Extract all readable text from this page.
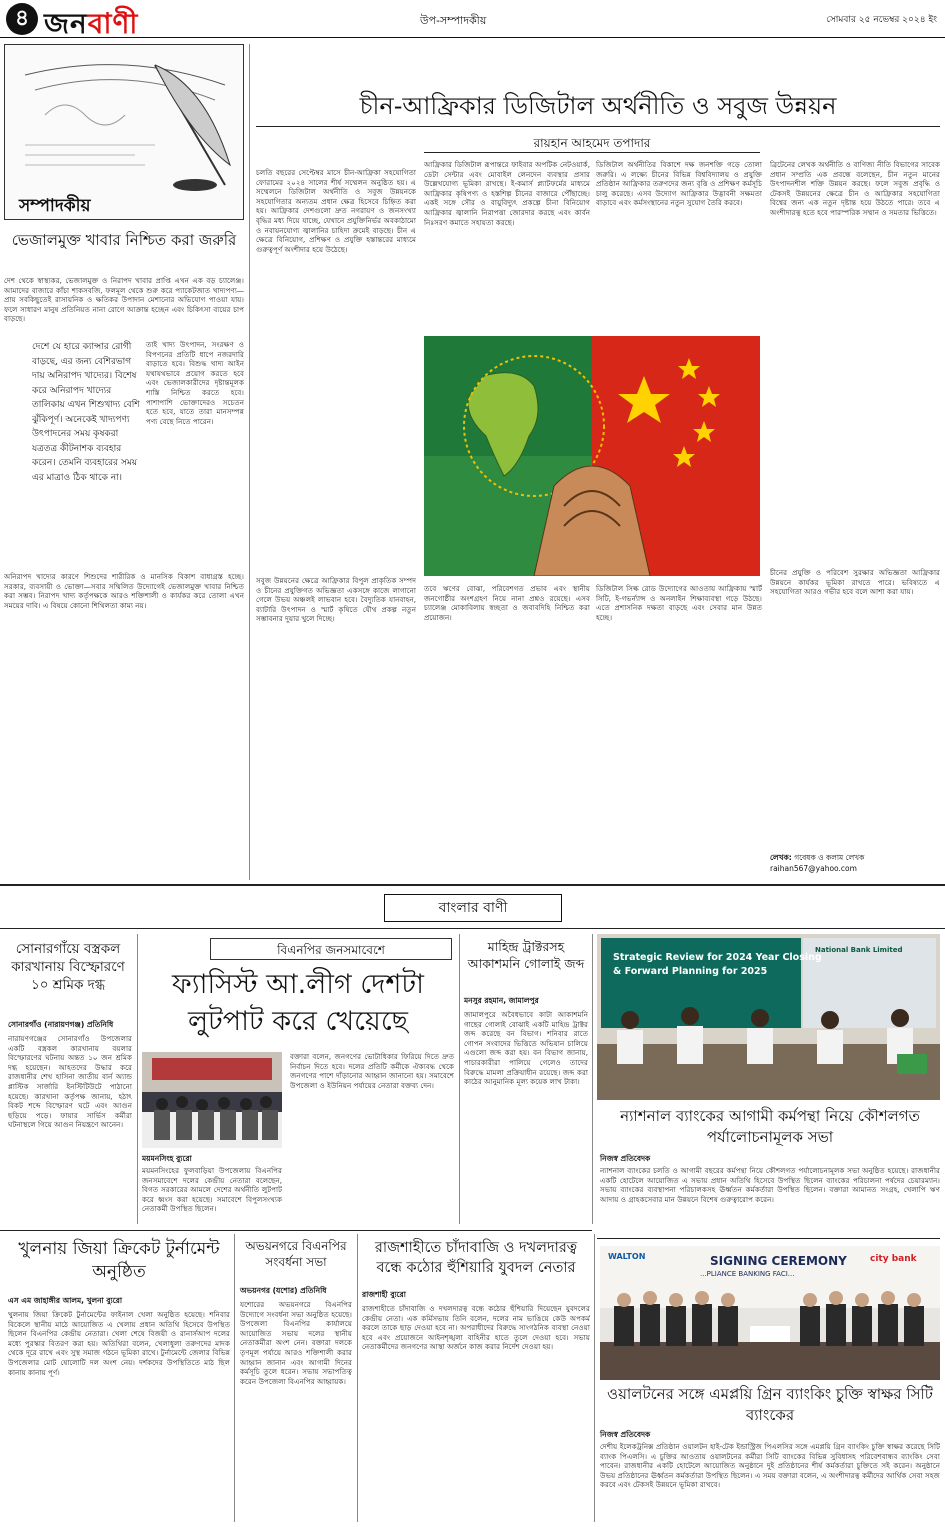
৪ জনবাণী	উপ-সম্পাদকীয়	সোমবার ২৫ নভেম্বর ২০২৪ ইং
সম্পাদকীয়
ভেজালমুক্ত খাবার নিশ্চিত করা জরুরি
দেশ থেকে স্বাস্থ্যকর, ভেজালমুক্ত ও নিরাপদ খাবার প্রাপ্তি এখন এক বড় চ্যালেঞ্জ। আমাদের বাজারে কাঁচা শাকসবজি, ফলমূল থেকে শুরু করে প্যাকেটজাত খাদ্যপণ্য—প্রায় সবকিছুতেই রাসায়নিক ও ক্ষতিকর উপাদান মেশানোর অভিযোগ পাওয়া যায়। ফলে সাধারণ মানুষ প্রতিনিয়ত নানা রোগে আক্রান্ত হচ্ছেন এবং চিকিৎসা ব্যয়ের চাপ বাড়ছে।
দেশে যে হারে ক্যান্সার রোগী বাড়ছে, এর জন্য বেশিরভাগ দায় অনিরাপদ খাদ্যের। বিশেষ করে অনিরাপদ খাদ্যের তালিকায় এখন শিশুখাদ্য বেশি ঝুঁকিপূর্ণ। অনেকেই খাদ্যপণ্য উৎপাদনের সময় কৃষকরা যত্রতত্র কীটনাশক ব্যবহার করেন। তেমনি ব্যবহারের সময় এর মাত্রাও ঠিক থাকে না।
তাই খাদ্য উৎপাদন, সংরক্ষণ ও বিপণনের প্রতিটি ধাপে নজরদারি বাড়াতে হবে। বিশুদ্ধ খাদ্য আইন যথাযথভাবে প্রয়োগ করতে হবে এবং ভেজালকারীদের দৃষ্টান্তমূলক শাস্তি নিশ্চিত করতে হবে। পাশাপাশি ভোক্তাদেরও সচেতন হতে হবে, যাতে তারা মানসম্পন্ন পণ্য বেছে নিতে পারেন।
অনিরাপদ খাদ্যের কারণে শিশুদের শারীরিক ও মানসিক বিকাশ বাধাগ্রস্ত হচ্ছে। সরকার, ব্যবসায়ী ও ভোক্তা—সবার সম্মিলিত উদ্যোগেই ভেজালমুক্ত খাবার নিশ্চিত করা সম্ভব। নিরাপদ খাদ্য কর্তৃপক্ষকে আরও শক্তিশালী ও কার্যকর করে তোলা এখন সময়ের দাবি। এ বিষয়ে কোনো শিথিলতা কাম্য নয়।
চীন-আফ্রিকার ডিজিটাল অর্থনীতি ও সবুজ উন্নয়ন
রায়হান আহমেদ তপাদার
চলতি বছরের সেপ্টেম্বর মাসে চীন-আফ্রিকা সহযোগিতা ফোরামের ২০২৪ সালের শীর্ষ সম্মেলন অনুষ্ঠিত হয়। এ সম্মেলনে ডিজিটাল অর্থনীতি ও সবুজ উন্নয়নকে সহযোগিতার অন্যতম প্রধান ক্ষেত্র হিসেবে চিহ্নিত করা হয়। আফ্রিকার দেশগুলো দ্রুত নগরায়ণ ও জনসংখ্যা বৃদ্ধির মধ্য দিয়ে যাচ্ছে, যেখানে প্রযুক্তিনির্ভর অবকাঠামো ও নবায়নযোগ্য জ্বালানির চাহিদা ক্রমেই বাড়ছে। চীন এ ক্ষেত্রে বিনিয়োগ, প্রশিক্ষণ ও প্রযুক্তি হস্তান্তরের মাধ্যমে গুরুত্বপূর্ণ অংশীদার হয়ে উঠেছে।
আফ্রিকার ডিজিটাল রূপান্তরে ফাইবার অপটিক নেটওয়ার্ক, ডেটা সেন্টার এবং মোবাইল লেনদেন ব্যবস্থার প্রসার উল্লেখযোগ্য ভূমিকা রাখছে। ই-কমার্স প্ল্যাটফর্মের মাধ্যমে আফ্রিকার কৃষিপণ্য ও হস্তশিল্প চীনের বাজারে পৌঁছাচ্ছে। একই সঙ্গে সৌর ও বায়ুবিদ্যুৎ প্রকল্পে চীনা বিনিয়োগ আফ্রিকার জ্বালানি নিরাপত্তা জোরদার করছে এবং কার্বন নিঃসরণ কমাতে সহায়তা করছে।
ডিজিটাল অর্থনীতির বিকাশে দক্ষ জনশক্তি গড়ে তোলা জরুরি। এ লক্ষ্যে চীনের বিভিন্ন বিশ্ববিদ্যালয় ও প্রযুক্তি প্রতিষ্ঠান আফ্রিকার তরুণদের জন্য বৃত্তি ও প্রশিক্ষণ কর্মসূচি চালু করেছে। এসব উদ্যোগ আফ্রিকার উদ্ভাবনী সক্ষমতা বাড়াবে এবং কর্মসংস্থানের নতুন সুযোগ তৈরি করবে।
ব্রিটেনের লেখক অর্থনীতি ও বাণিজ্য নীতি বিভাগের সাবেক প্রধান সম্প্রতি এক প্রবন্ধে বলেছেন, চীন নতুন মানের উৎপাদনশীল শক্তি উন্নয়ন করছে। ফলে সবুজ প্রবৃদ্ধি ও টেকসই উন্নয়নের ক্ষেত্রে চীন ও আফ্রিকার সহযোগিতা বিশ্বের জন্য এক নতুন দৃষ্টান্ত হয়ে উঠতে পারে। তবে এ অংশীদারত্ব হতে হবে পারস্পরিক সম্মান ও সমতার ভিত্তিতে।
সবুজ উন্নয়নের ক্ষেত্রে আফ্রিকার বিপুল প্রাকৃতিক সম্পদ ও চীনের প্রযুক্তিগত অভিজ্ঞতা একসঙ্গে কাজে লাগানো গেলে উভয় অঞ্চলই লাভবান হবে। বৈদ্যুতিক যানবাহন, ব্যাটারি উৎপাদন ও স্মার্ট কৃষিতে যৌথ প্রকল্প নতুন সম্ভাবনার দুয়ার খুলে দিচ্ছে।
তবে ঋণের বোঝা, পরিবেশগত প্রভাব এবং স্থানীয় জনগোষ্ঠীর অংশগ্রহণ নিয়ে নানা প্রশ্নও রয়েছে। এসব চ্যালেঞ্জ মোকাবিলায় স্বচ্ছতা ও জবাবদিহি নিশ্চিত করা প্রয়োজন।
ডিজিটাল সিল্ক রোড উদ্যোগের আওতায় আফ্রিকায় স্মার্ট সিটি, ই-গভর্ন্যান্স ও অনলাইন শিক্ষাব্যবস্থা গড়ে উঠছে। এতে প্রশাসনিক দক্ষতা বাড়ছে এবং সেবার মান উন্নত হচ্ছে।
চীনের প্রযুক্তি ও পরিবেশ সুরক্ষার অভিজ্ঞতা আফ্রিকার উন্নয়নে কার্যকর ভূমিকা রাখতে পারে। ভবিষ্যতে এ সহযোগিতা আরও গভীর হবে বলে আশা করা যায়।
লেখক: গবেষক ও কলাম লেখক
raihan567@yahoo.com
বাংলার বাণী
সোনারগাঁয়ে বস্ত্রকল কারখানায় বিস্ফোরণে ১০ শ্রমিক দগ্ধ
সোনারগাঁও (নারায়ণগঞ্জ) প্রতিনিধি
নারায়ণগঞ্জের সোনারগাঁও উপজেলার একটি বস্ত্রকল কারখানায় বয়লার বিস্ফোরণের ঘটনায় অন্তত ১০ জন শ্রমিক দগ্ধ হয়েছেন। আহতদের উদ্ধার করে রাজধানীর শেখ হাসিনা জাতীয় বার্ন অ্যান্ড প্লাস্টিক সার্জারি ইনস্টিটিউটে পাঠানো হয়েছে। কারখানা কর্তৃপক্ষ জানায়, হঠাৎ বিকট শব্দে বিস্ফোরণ ঘটে এবং আগুন ছড়িয়ে পড়ে। ফায়ার সার্ভিস কর্মীরা ঘটনাস্থলে গিয়ে আগুন নিয়ন্ত্রণে আনেন।
বিএনপির জনসমাবেশে
ফ্যাসিস্ট আ.লীগ দেশটা লুটপাট করে খেয়েছে
ময়মনসিংহ ব্যুরো
ময়মনসিংহের ফুলবাড়িয়া উপজেলায় বিএনপির জনসমাবেশে দলের কেন্দ্রীয় নেতারা বলেছেন, বিগত সরকারের আমলে দেশের অর্থনীতি লুটপাট করে ধ্বংস করা হয়েছে। সমাবেশে বিপুলসংখ্যক নেতাকর্মী উপস্থিত ছিলেন।
বক্তারা বলেন, জনগণের ভোটাধিকার ফিরিয়ে দিতে দ্রুত নির্বাচন দিতে হবে। দলের প্রতিটি কর্মীকে ঐক্যবদ্ধ থেকে জনগণের পাশে দাঁড়ানোর আহ্বান জানানো হয়। সমাবেশে উপজেলা ও ইউনিয়ন পর্যায়ের নেতারা বক্তব্য দেন।
মাহিন্দ্র ট্রাক্টরসহ আকাশমনি গোলাই জব্দ
মনসুর রহমান, জামালপুর
জামালপুরে অবৈধভাবে কাটা আকাশমনি গাছের গোলাই বোঝাই একটি মাহিন্দ্র ট্রাক্টর জব্দ করেছে বন বিভাগ। শনিবার রাতে গোপন সংবাদের ভিত্তিতে অভিযান চালিয়ে এগুলো জব্দ করা হয়। বন বিভাগ জানায়, পাচারকারীরা পালিয়ে গেলেও তাদের বিরুদ্ধে মামলা প্রক্রিয়াধীন রয়েছে। জব্দ করা কাঠের আনুমানিক মূল্য কয়েক লাখ টাকা।
Strategic Review for 2024 Year Closing
& Forward Planning for 2025
National Bank Limited
ন্যাশনাল ব্যাংকের আগামী কর্মপন্থা নিয়ে কৌশলগত পর্যালোচনামূলক সভা
নিজস্ব প্রতিবেদক
ন্যাশনাল ব্যাংকের চলতি ও আগামী বছরের কর্মপন্থা নিয়ে কৌশলগত পর্যালোচনামূলক সভা অনুষ্ঠিত হয়েছে। রাজধানীর একটি হোটেলে আয়োজিত এ সভায় প্রধান অতিথি হিসেবে উপস্থিত ছিলেন ব্যাংকের পরিচালনা পর্ষদের চেয়ারম্যান। সভায় ব্যাংকের ব্যবস্থাপনা পরিচালকসহ ঊর্ধ্বতন কর্মকর্তারা উপস্থিত ছিলেন। বক্তারা আমানত সংগ্রহ, খেলাপি ঋণ আদায় ও গ্রাহকসেবার মান উন্নয়নে বিশেষ গুরুত্বারোপ করেন।
খুলনায় জিয়া ক্রিকেট টুর্নামেন্ট অনুষ্ঠিত
এস এম জাহাঙ্গীর আলম, খুলনা ব্যুরো
খুলনায় জিয়া ক্রিকেট টুর্নামেন্টের ফাইনাল খেলা অনুষ্ঠিত হয়েছে। শনিবার বিকেলে স্থানীয় মাঠে আয়োজিত এ খেলায় প্রধান অতিথি হিসেবে উপস্থিত ছিলেন বিএনপির কেন্দ্রীয় নেতারা। খেলা শেষে বিজয়ী ও রানার্সআপ দলের মধ্যে পুরস্কার বিতরণ করা হয়। অতিথিরা বলেন, খেলাধুলা তরুণদের মাদক থেকে দূরে রাখে এবং সুস্থ সমাজ গঠনে ভূমিকা রাখে। টুর্নামেন্টে জেলার বিভিন্ন উপজেলার মোট ষোলোটি দল অংশ নেয়। দর্শকদের উপস্থিতিতে মাঠ ছিল কানায় কানায় পূর্ণ।
অভয়নগরে বিএনপির সংবর্ধনা সভা
অভয়নগর (যশোর) প্রতিনিধি
যশোরের অভয়নগরে বিএনপির উদ্যোগে সংবর্ধনা সভা অনুষ্ঠিত হয়েছে। উপজেলা বিএনপির কার্যালয়ে আয়োজিত সভায় দলের স্থানীয় নেতাকর্মীরা অংশ নেন। বক্তারা দলকে তৃণমূল পর্যায়ে আরও শক্তিশালী করার আহ্বান জানান এবং আগামী দিনের কর্মসূচি তুলে ধরেন। সভায় সভাপতিত্ব করেন উপজেলা বিএনপির আহ্বায়ক।
রাজশাহীতে চাঁদাবাজি ও দখলদারত্ব বন্ধে কঠোর হুঁশিয়ারি যুবদল নেতার
রাজশাহী ব্যুরো
রাজশাহীতে চাঁদাবাজি ও দখলদারত্ব বন্ধে কঠোর হুঁশিয়ারি দিয়েছেন যুবদলের কেন্দ্রীয় নেতা। এক কর্মিসভায় তিনি বলেন, দলের নাম ভাঙিয়ে কেউ অপকর্ম করলে তাকে ছাড় দেওয়া হবে না। অপরাধীদের বিরুদ্ধে সাংগঠনিক ব্যবস্থা নেওয়া হবে এবং প্রয়োজনে আইনশৃঙ্খলা বাহিনীর হাতে তুলে দেওয়া হবে। সভায় নেতাকর্মীদের জনগণের আস্থা অর্জনে কাজ করার নির্দেশ দেওয়া হয়।
WALTON	SIGNING CEREMONY
...PLIANCE BANKING FACI...
city bank
ওয়ালটনের সঙ্গে এমপ্লয়ি গ্রিন ব্যাংকিং চুক্তি স্বাক্ষর সিটি ব্যাংকের
নিজস্ব প্রতিবেদক
দেশীয় ইলেকট্রনিক্স প্রতিষ্ঠান ওয়ালটন হাই-টেক ইন্ডাস্ট্রিজ পিএলসির সঙ্গে এমপ্লয়ি গ্রিন ব্যাংকিং চুক্তি স্বাক্ষর করেছে সিটি ব্যাংক পিএলসি। এ চুক্তির আওতায় ওয়ালটনের কর্মীরা সিটি ব্যাংকের বিভিন্ন সুবিধাসহ পরিবেশবান্ধব ব্যাংকিং সেবা পাবেন। রাজধানীর একটি হোটেলে আয়োজিত অনুষ্ঠানে দুই প্রতিষ্ঠানের শীর্ষ কর্মকর্তারা চুক্তিতে সই করেন। অনুষ্ঠানে উভয় প্রতিষ্ঠানের ঊর্ধ্বতন কর্মকর্তারা উপস্থিত ছিলেন। এ সময় বক্তারা বলেন, এ অংশীদারত্ব কর্মীদের আর্থিক সেবা সহজ করবে এবং টেকসই উন্নয়নে ভূমিকা রাখবে।
